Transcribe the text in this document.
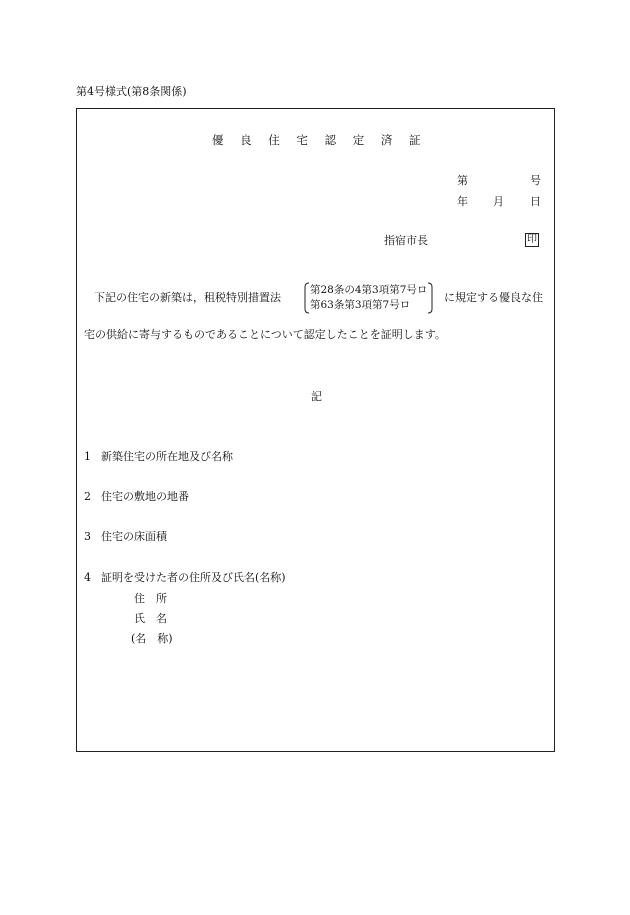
第4号様式(第8条関係)
優 良 住 宅 認 定 済 証
第	号
年 月 日
指宿市長	印
下記の住宅の新築は，租税特別措置法
第28条の4第3項第7号ロ
第63条第3項第7号ロ
に規定する優良な住
宅の供給に寄与するものであることについて認定したことを証明します。
記
1 新築住宅の所在地及び名称
2 住宅の敷地の地番
3 住宅の床面積
4 証明を受けた者の住所及び氏名(名称)
住　所
氏　名
(名　称)
